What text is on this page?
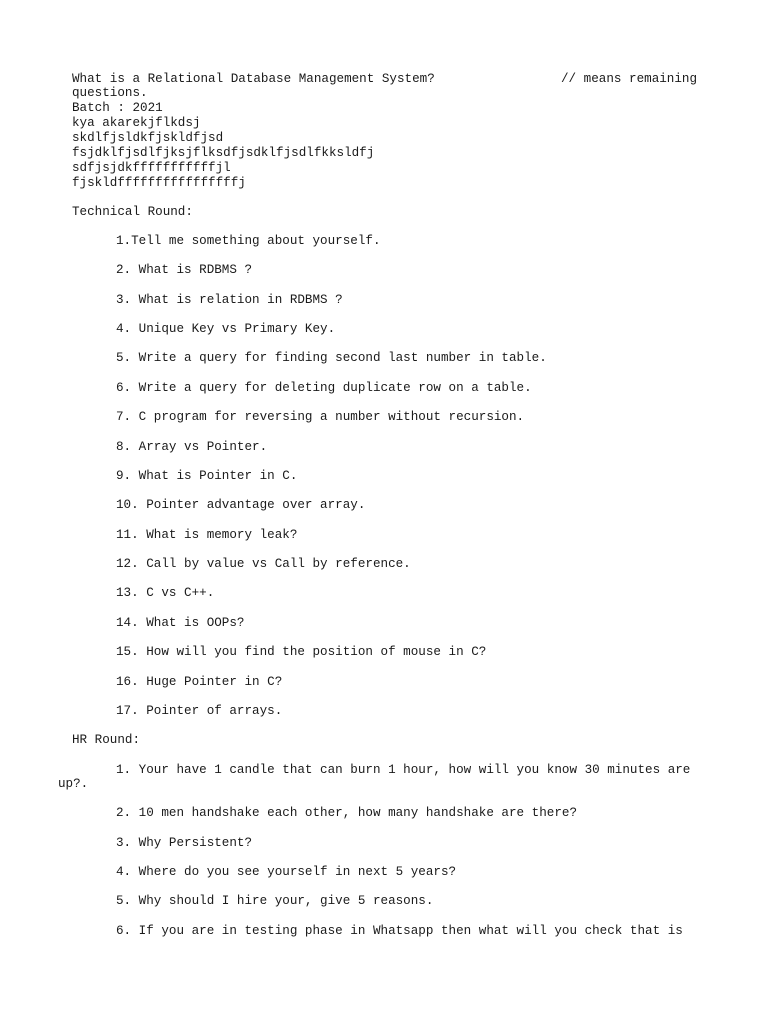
What is a Relational Database Management System?	// means remaining
questions.
Batch : 2021
kya akarekjflkdsj
skdlfjsldkfjskldfjsd
fsjdklfjsdlfjksjflksdfjsdklfjsdlfkksldfj
sdfjsjdkfffffffffffjl
fjskldffffffffffffffffj
Technical Round:
1.Tell me something about yourself.
2. What is RDBMS ?
3. What is relation in RDBMS ?
4. Unique Key vs Primary Key.
5. Write a query for finding second last number in table.
6. Write a query for deleting duplicate row on a table.
7. C program for reversing a number without recursion.
8. Array vs Pointer.
9. What is Pointer in C.
10. Pointer advantage over array.
11. What is memory leak?
12. Call by value vs Call by reference.
13. C vs C++.
14. What is OOPs?
15. How will you find the position of mouse in C?
16. Huge Pointer in C?
17. Pointer of arrays.
HR Round:
1. Your have 1 candle that can burn 1 hour, how will you know 30 minutes are
up?.
2. 10 men handshake each other, how many handshake are there?
3. Why Persistent?
4. Where do you see yourself in next 5 years?
5. Why should I hire your, give 5 reasons.
6. If you are in testing phase in Whatsapp then what will you check that is
